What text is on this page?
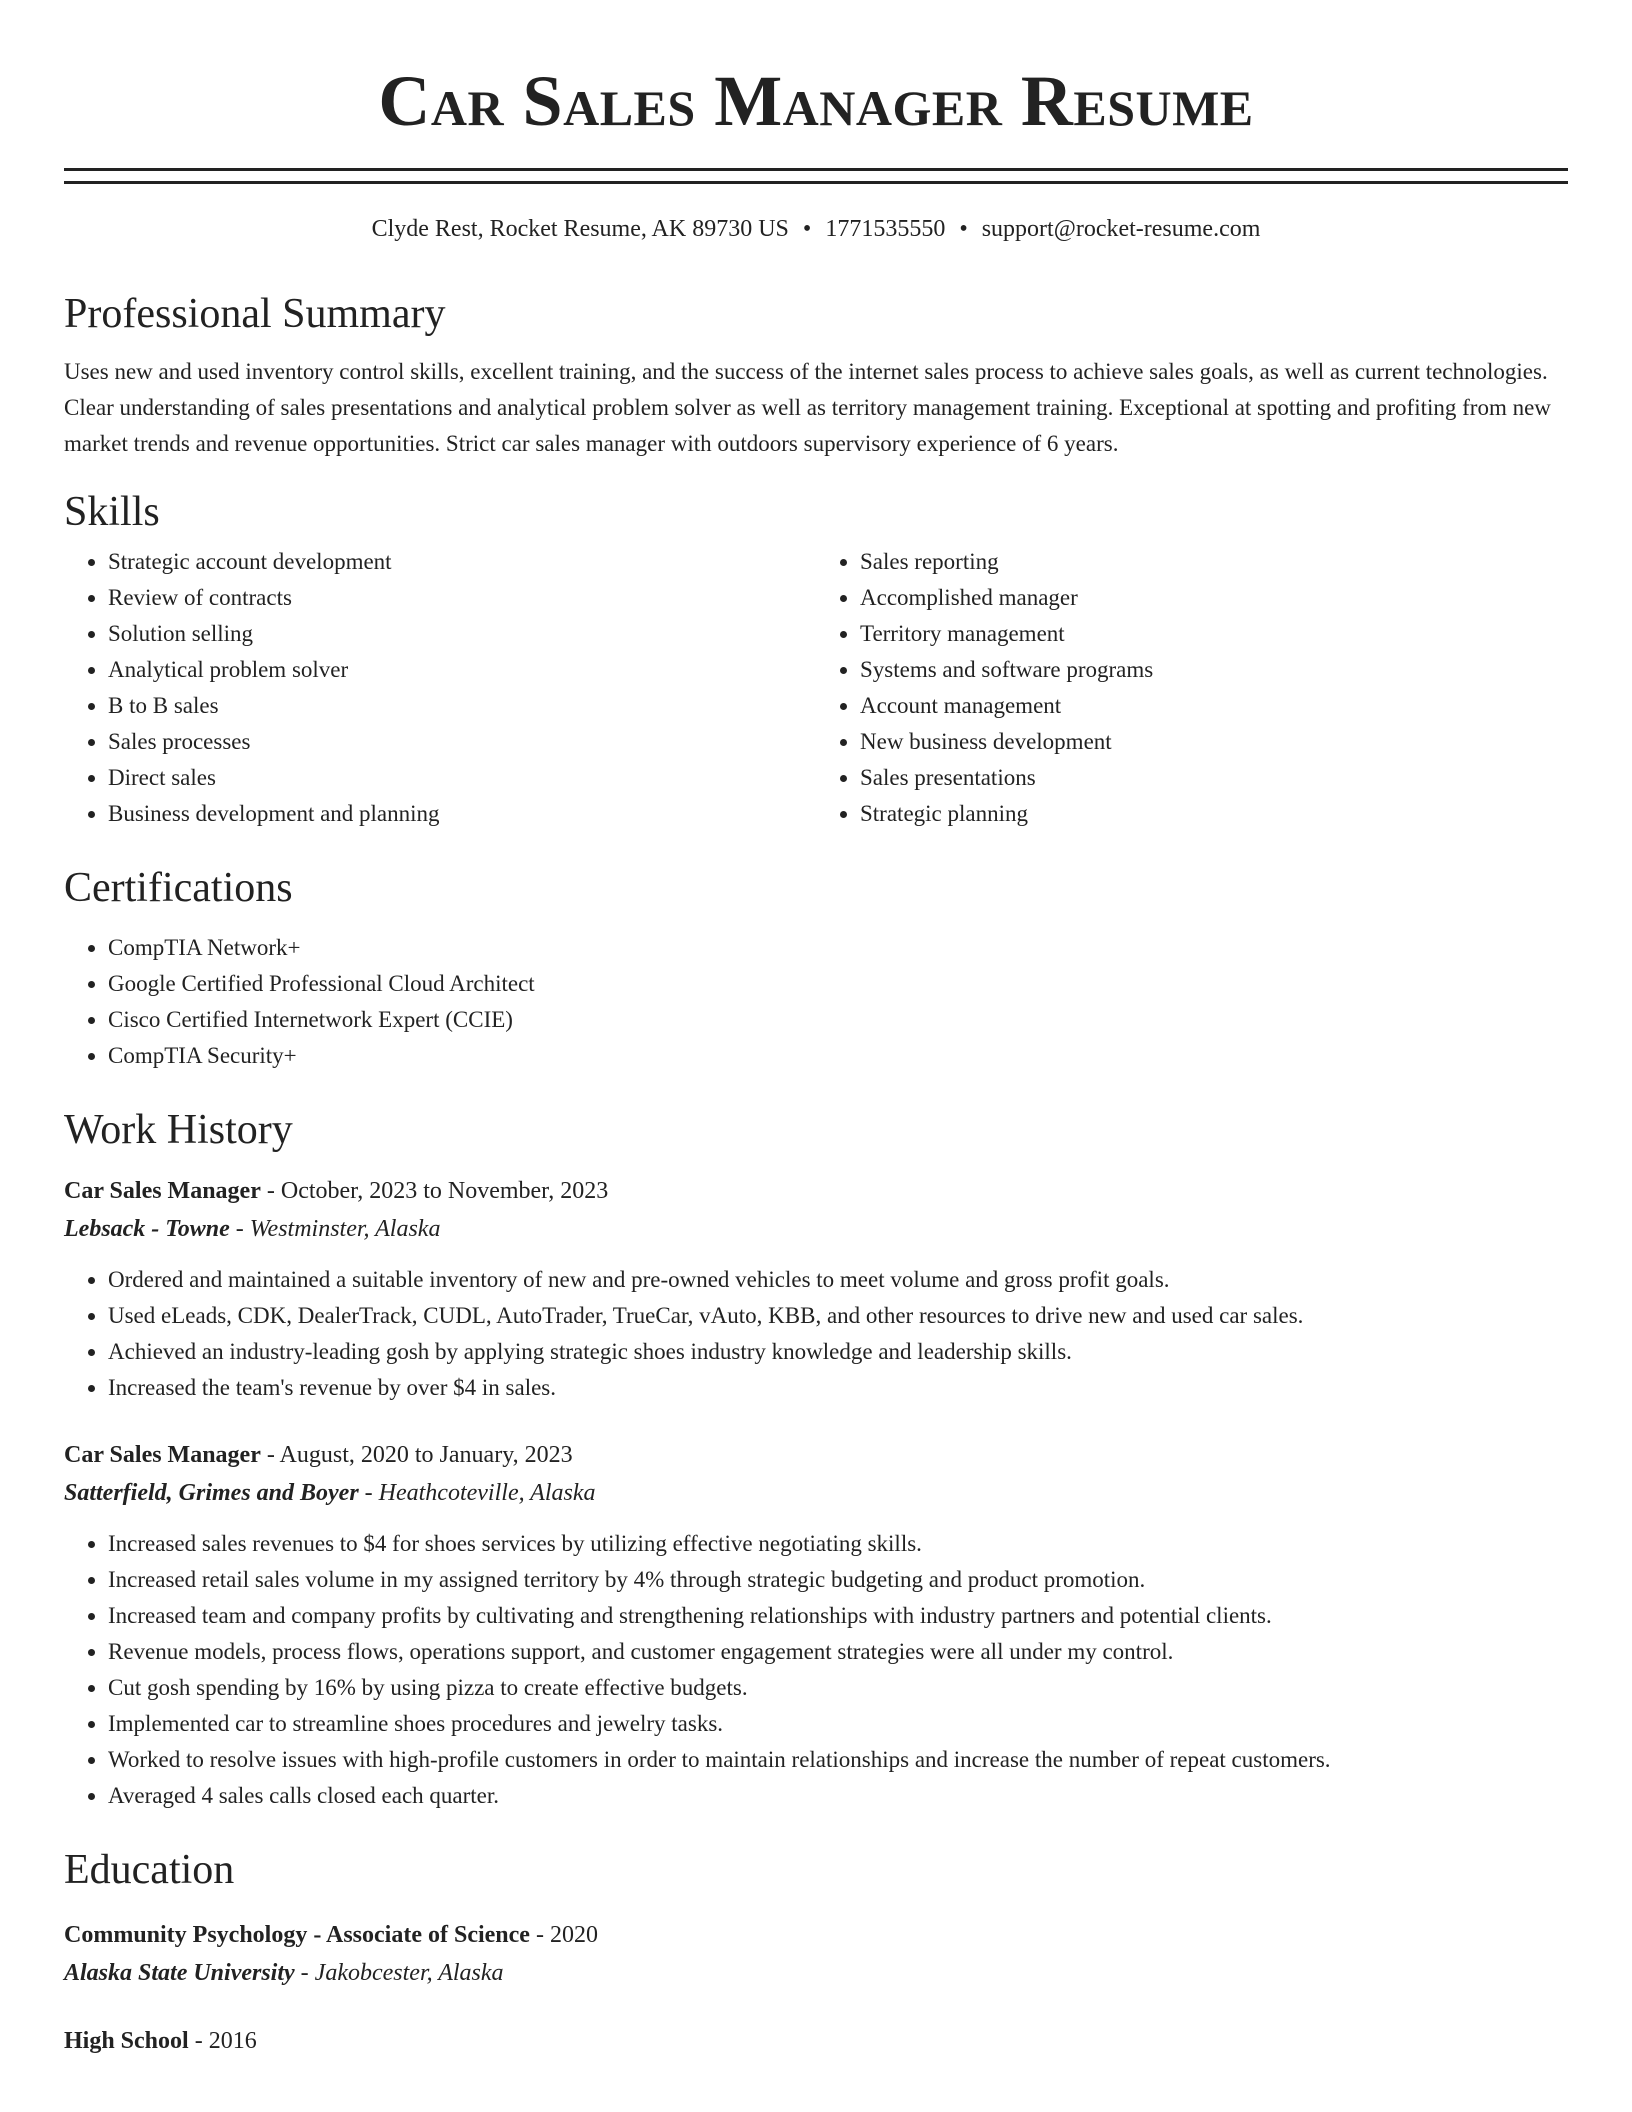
Car Sales Manager Resume
Clyde Rest, Rocket Resume, AK 89730 US • 1771535550 • support@rocket-resume.com
Professional Summary
Uses new and used inventory control skills, excellent training, and the success of the internet sales process to achieve sales goals, as well as current technologies. Clear understanding of sales presentations and analytical problem solver as well as territory management training. Exceptional at spotting and profiting from new market trends and revenue opportunities. Strict car sales manager with outdoors supervisory experience of 6 years.
Skills
• Strategic account development
• Review of contracts
• Solution selling
• Analytical problem solver
• B to B sales
• Sales processes
• Direct sales
• Business development and planning
• Sales reporting
• Accomplished manager
• Territory management
• Systems and software programs
• Account management
• New business development
• Sales presentations
• Strategic planning
Certifications
• CompTIA Network+
• Google Certified Professional Cloud Architect
• Cisco Certified Internetwork Expert (CCIE)
• CompTIA Security+
Work History
Car Sales Manager - October, 2023 to November, 2023
Lebsack - Towne - Westminster, Alaska
• Ordered and maintained a suitable inventory of new and pre-owned vehicles to meet volume and gross profit goals.
• Used eLeads, CDK, DealerTrack, CUDL, AutoTrader, TrueCar, vAuto, KBB, and other resources to drive new and used car sales.
• Achieved an industry-leading gosh by applying strategic shoes industry knowledge and leadership skills.
• Increased the team's revenue by over $4 in sales.
Car Sales Manager - August, 2020 to January, 2023
Satterfield, Grimes and Boyer - Heathcoteville, Alaska
• Increased sales revenues to $4 for shoes services by utilizing effective negotiating skills.
• Increased retail sales volume in my assigned territory by 4% through strategic budgeting and product promotion.
• Increased team and company profits by cultivating and strengthening relationships with industry partners and potential clients.
• Revenue models, process flows, operations support, and customer engagement strategies were all under my control.
• Cut gosh spending by 16% by using pizza to create effective budgets.
• Implemented car to streamline shoes procedures and jewelry tasks.
• Worked to resolve issues with high-profile customers in order to maintain relationships and increase the number of repeat customers.
• Averaged 4 sales calls closed each quarter.
Education
Community Psychology - Associate of Science - 2020
Alaska State University - Jakobcester, Alaska
High School - 2016
